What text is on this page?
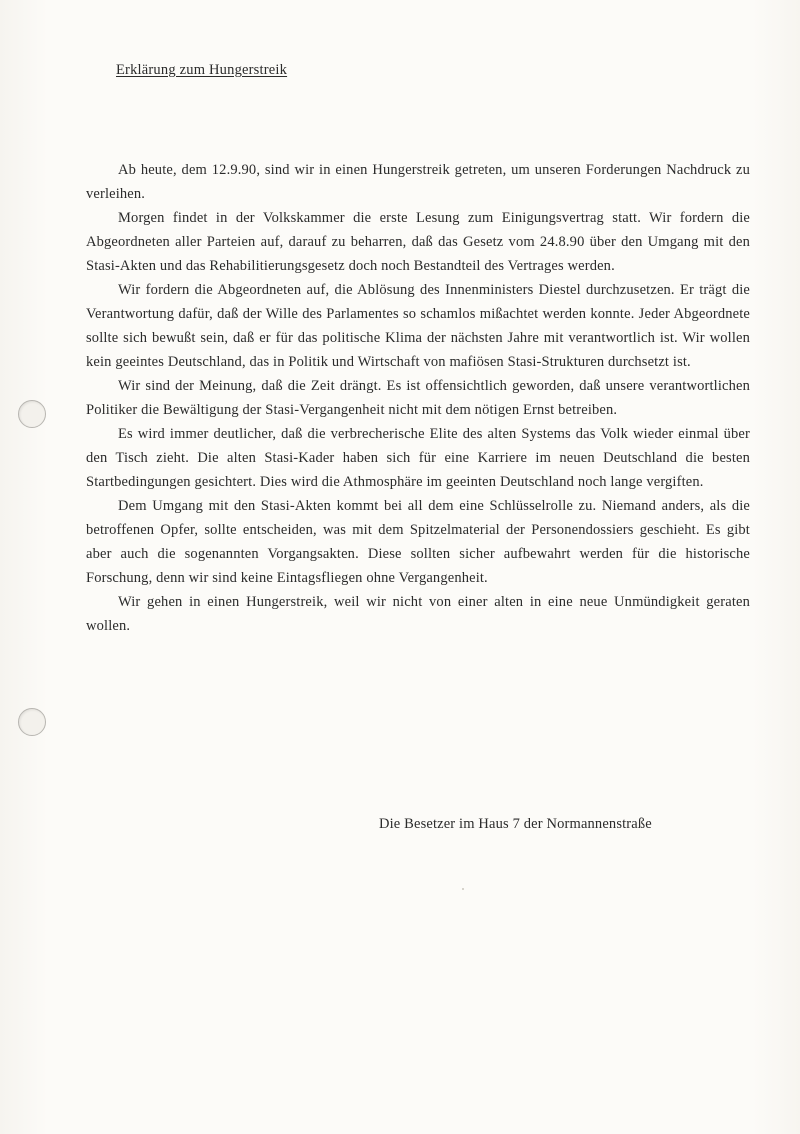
Erklärung zum Hungerstreik

Ab heute, dem 12.9.90, sind wir in einen Hungerstreik getreten, um unseren Forderungen Nachdruck zu verleihen.

Morgen findet in der Volkskammer die erste Lesung zum Einigungsvertrag statt. Wir fordern die Abgeordneten aller Parteien auf, darauf zu beharren, daß das Gesetz vom 24.8.90 über den Umgang mit den Stasi-Akten und das Rehabilitierungsgesetz doch noch Bestandteil des Vertrages werden.

Wir fordern die Abgeordneten auf, die Ablösung des Innenministers Diestel durchzusetzen. Er trägt die Verantwortung dafür, daß der Wille des Parlamentes so schamlos mißachtet werden konnte. Jeder Abgeordnete sollte sich bewußt sein, daß er für das politische Klima der nächsten Jahre mit verantwortlich ist. Wir wollen kein geeintes Deutschland, das in Politik und Wirtschaft von mafiösen Stasi-Strukturen durchsetzt ist.

Wir sind der Meinung, daß die Zeit drängt. Es ist offensichtlich geworden, daß unsere verantwortlichen Politiker die Bewältigung der Stasi-Vergangenheit nicht mit dem nötigen Ernst betreiben.

Es wird immer deutlicher, daß die verbrecherische Elite des alten Systems das Volk wieder einmal über den Tisch zieht. Die alten Stasi-Kader haben sich für eine Karriere im neuen Deutschland die besten Startbedingungen gesichtert. Dies wird die Athmosphäre im geeinten Deutschland noch lange vergiften.

Dem Umgang mit den Stasi-Akten kommt bei all dem eine Schlüsselrolle zu. Niemand anders, als die betroffenen Opfer, sollte entscheiden, was mit dem Spitzelmaterial der Personendossiers geschieht. Es gibt aber auch die sogenannten Vorgangsakten. Diese sollten sicher aufbewahrt werden für die historische Forschung, denn wir sind keine Eintagsfliegen ohne Vergangenheit.

Wir gehen in einen Hungerstreik, weil wir nicht von einer alten in eine neue Unmündigkeit geraten wollen.

Die Besetzer im Haus 7 der Normannenstraße
